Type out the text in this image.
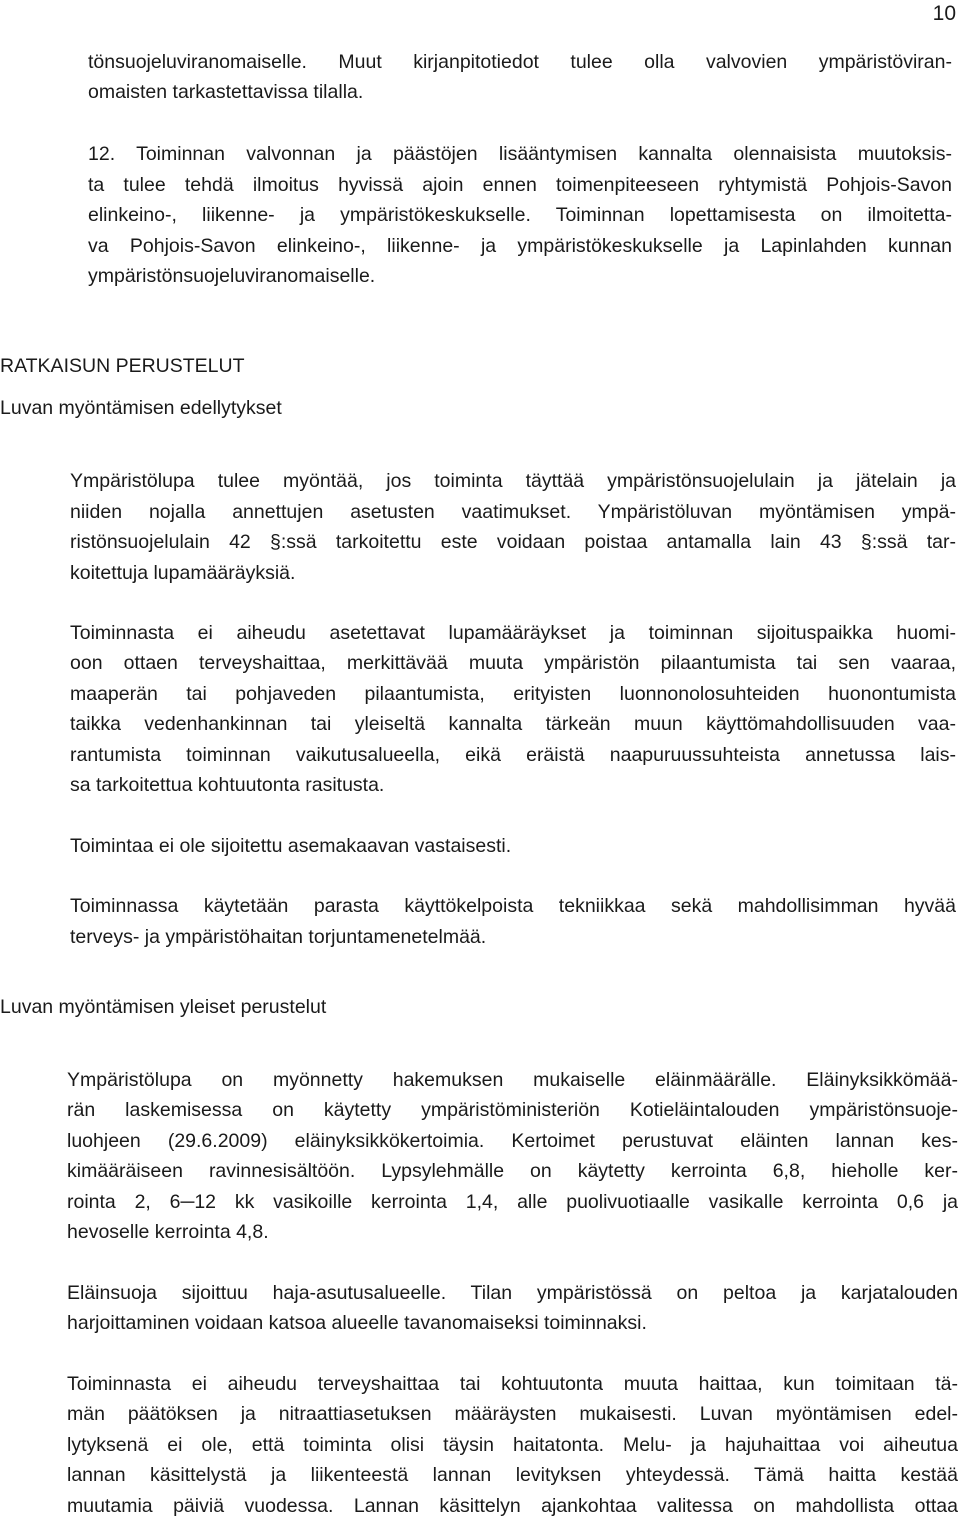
10
tönsuojeluviranomaiselle. Muut kirjanpitotiedot tulee olla valvovien ympäristöviran-
omaisten tarkastettavissa tilalla.
12. Toiminnan valvonnan ja päästöjen lisääntymisen kannalta olennaisista muutoksis-
ta tulee tehdä ilmoitus hyvissä ajoin ennen toimenpiteeseen ryhtymistä Pohjois-Savon
elinkeino-, liikenne- ja ympäristökeskukselle. Toiminnan lopettamisesta on ilmoitetta-
va Pohjois-Savon elinkeino-, liikenne- ja ympäristökeskukselle ja Lapinlahden kunnan
ympäristönsuojeluviranomaiselle.
RATKAISUN PERUSTELUT
Luvan myöntämisen edellytykset
Ympäristölupa tulee myöntää, jos toiminta täyttää ympäristönsuojelulain ja jätelain ja
niiden nojalla annettujen asetusten vaatimukset. Ympäristöluvan myöntämisen ympä-
ristönsuojelulain 42 §:ssä tarkoitettu este voidaan poistaa antamalla lain 43 §:ssä tar-
koitettuja lupamääräyksiä.
Toiminnasta ei aiheudu asetettavat lupamääräykset ja toiminnan sijoituspaikka huomi-
oon ottaen terveyshaittaa, merkittävää muuta ympäristön pilaantumista tai sen vaaraa,
maaperän tai pohjaveden pilaantumista, erityisten luonnonolosuhteiden huonontumista
taikka vedenhankinnan tai yleiseltä kannalta tärkeän muun käyttömahdollisuuden vaa-
rantumista toiminnan vaikutusalueella, eikä eräistä naapuruussuhteista annetussa lais-
sa tarkoitettua kohtuutonta rasitusta.
Toimintaa ei ole sijoitettu asemakaavan vastaisesti.
Toiminnassa käytetään parasta käyttökelpoista tekniikkaa sekä mahdollisimman hyvää
terveys- ja ympäristöhaitan torjuntamenetelmää.
Luvan myöntämisen yleiset perustelut
Ympäristölupa on myönnetty hakemuksen mukaiselle eläinmäärälle. Eläinyksikkömää-
rän laskemisessa on käytetty ympäristöministeriön Kotieläintalouden ympäristönsuoje-
luohjeen (29.6.2009) eläinyksikkökertoimia. Kertoimet perustuvat eläinten lannan kes-
kimääräiseen ravinnesisältöön. Lypsylehmälle on käytetty kerrointa 6,8, hieholle ker-
rointa 2, 6─12 kk vasikoille kerrointa 1,4, alle puolivuotiaalle vasikalle kerrointa 0,6 ja
hevoselle kerrointa 4,8.
Eläinsuoja sijoittuu haja-asutusalueelle. Tilan ympäristössä on peltoa ja karjatalouden
harjoittaminen voidaan katsoa alueelle tavanomaiseksi toiminnaksi.
Toiminnasta ei aiheudu terveyshaittaa tai kohtuutonta muuta haittaa, kun toimitaan tä-
män päätöksen ja nitraattiasetuksen määräysten mukaisesti. Luvan myöntämisen edel-
lytyksenä ei ole, että toiminta olisi täysin haitatonta. Melu- ja hajuhaittaa voi aiheutua
lannan käsittelystä ja liikenteestä lannan levityksen yhteydessä. Tämä haitta kestää
muutamia päiviä vuodessa. Lannan käsittelyn ajankohtaa valitessa on mahdollista ottaa
